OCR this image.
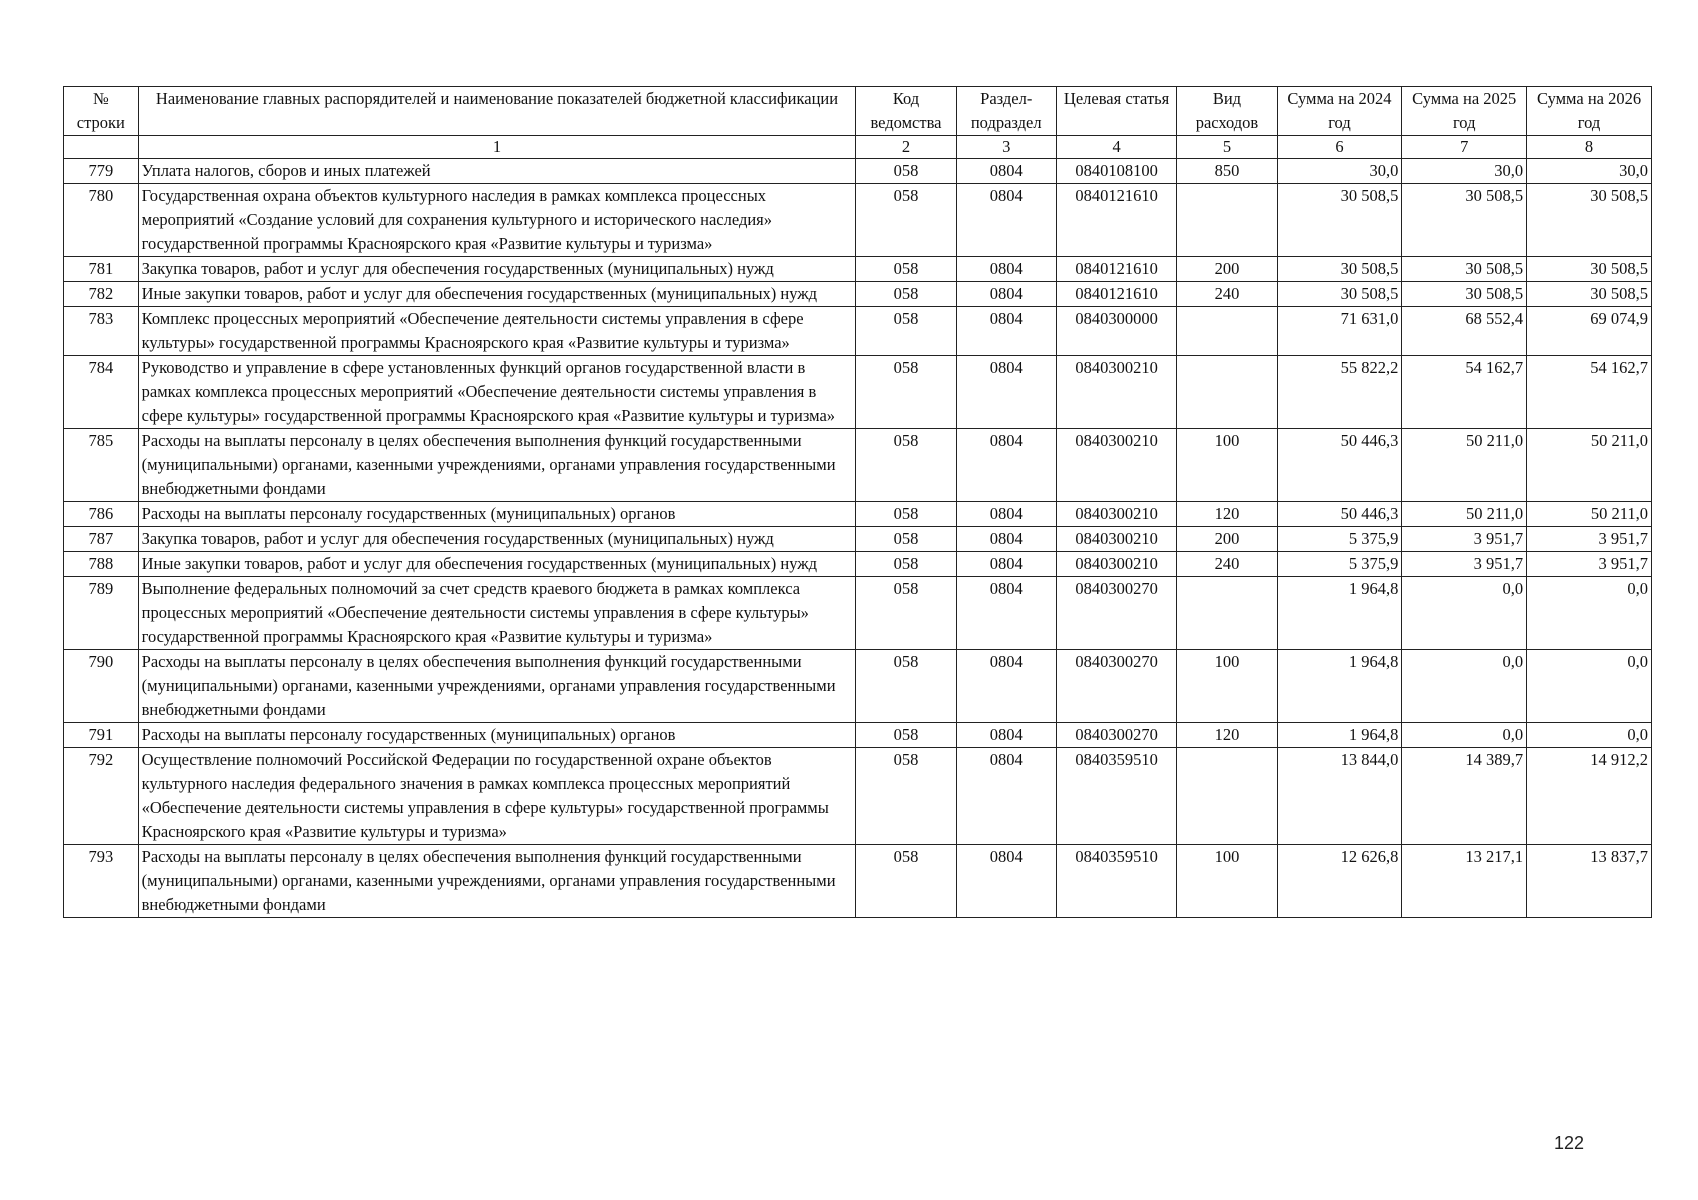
№ строки	Наименование главных распорядителей и наименование показателей бюджетной классификации	Код ведомства	Раздел-подраздел	Целевая статья	Вид расходов	Сумма на 2024 год	Сумма на 2025 год	Сумма на 2026 год
	1	2	3	4	5	6	7	8
779	Уплата налогов, сборов и иных платежей	058	0804	0840108100	850	30,0	30,0	30,0
780	Государственная охрана объектов культурного наследия в рамках комплекса процессных мероприятий «Создание условий для сохранения культурного и исторического наследия» государственной программы Красноярского края «Развитие культуры и туризма»	058	0804	0840121610		30 508,5	30 508,5	30 508,5
781	Закупка товаров, работ и услуг для обеспечения государственных (муниципальных) нужд	058	0804	0840121610	200	30 508,5	30 508,5	30 508,5
782	Иные закупки товаров, работ и услуг для обеспечения государственных (муниципальных) нужд	058	0804	0840121610	240	30 508,5	30 508,5	30 508,5
783	Комплекс процессных мероприятий «Обеспечение деятельности системы управления в сфере культуры» государственной программы Красноярского края «Развитие культуры и туризма»	058	0804	0840300000		71 631,0	68 552,4	69 074,9
784	Руководство и управление в сфере установленных функций органов государственной власти в рамках комплекса процессных мероприятий «Обеспечение деятельности системы управления в сфере культуры» государственной программы Красноярского края «Развитие культуры и туризма»	058	0804	0840300210		55 822,2	54 162,7	54 162,7
785	Расходы на выплаты персоналу в целях обеспечения выполнения функций государственными (муниципальными) органами, казенными учреждениями, органами управления государственными внебюджетными фондами	058	0804	0840300210	100	50 446,3	50 211,0	50 211,0
786	Расходы на выплаты персоналу государственных (муниципальных) органов	058	0804	0840300210	120	50 446,3	50 211,0	50 211,0
787	Закупка товаров, работ и услуг для обеспечения государственных (муниципальных) нужд	058	0804	0840300210	200	5 375,9	3 951,7	3 951,7
788	Иные закупки товаров, работ и услуг для обеспечения государственных (муниципальных) нужд	058	0804	0840300210	240	5 375,9	3 951,7	3 951,7
789	Выполнение федеральных полномочий за счет средств краевого бюджета в рамках комплекса процессных мероприятий «Обеспечение деятельности системы управления в сфере культуры» государственной программы Красноярского края «Развитие культуры и туризма»	058	0804	0840300270		1 964,8	0,0	0,0
790	Расходы на выплаты персоналу в целях обеспечения выполнения функций государственными (муниципальными) органами, казенными учреждениями, органами управления государственными внебюджетными фондами	058	0804	0840300270	100	1 964,8	0,0	0,0
791	Расходы на выплаты персоналу государственных (муниципальных) органов	058	0804	0840300270	120	1 964,8	0,0	0,0
792	Осуществление полномочий Российской Федерации по государственной охране объектов культурного наследия федерального значения в рамках комплекса процессных мероприятий «Обеспечение деятельности системы управления в сфере культуры» государственной программы Красноярского края «Развитие культуры и туризма»	058	0804	0840359510		13 844,0	14 389,7	14 912,2
793	Расходы на выплаты персоналу в целях обеспечения выполнения функций государственными (муниципальными) органами, казенными учреждениями, органами управления государственными внебюджетными фондами	058	0804	0840359510	100	12 626,8	13 217,1	13 837,7
122
